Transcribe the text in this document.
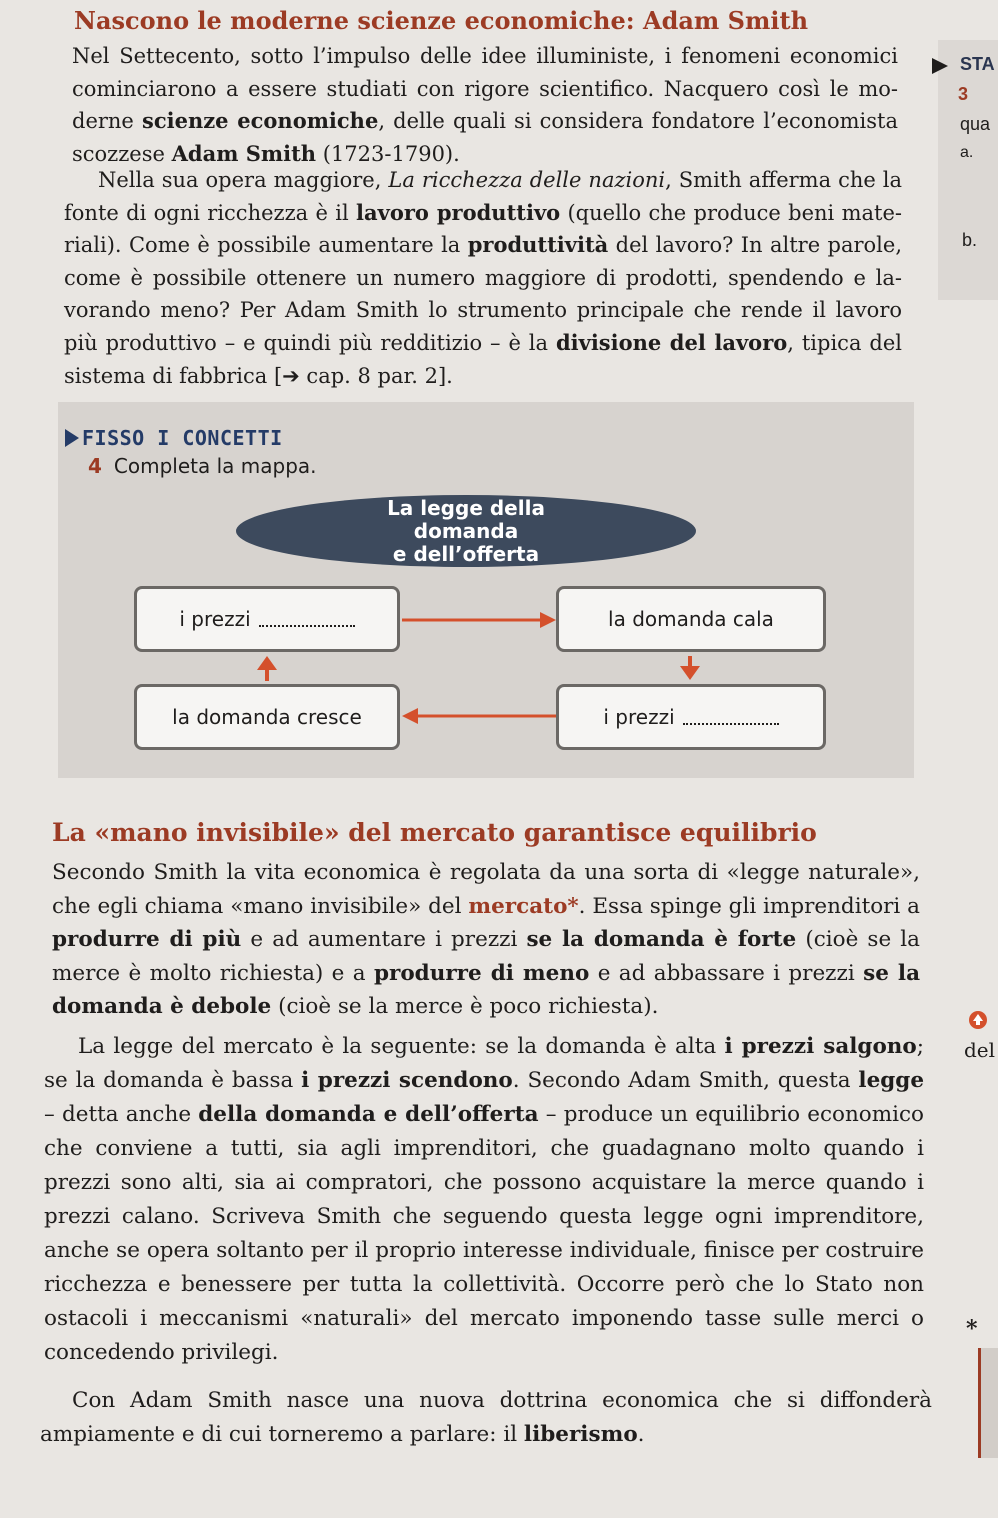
Nascono le moderne scienze economiche: Adam Smith

Nel Settecento, sotto l’impulso delle idee illuministe, i fenomeni economici cominciarono a essere studiati con rigore scientifico. Nacquero così le moderne scienze economiche, delle quali si considera fondatore l’economista scozzese Adam Smith (1723-1790).

Nella sua opera maggiore, La ricchezza delle nazioni, Smith afferma che la fonte di ogni ricchezza è il lavoro produttivo (quello che produce beni materiali). Come è possibile aumentare la produttività del lavoro? In altre parole, come è possibile ottenere un numero maggiore di prodotti, spendendo e lavorando meno? Per Adam Smith lo strumento principale che rende il lavoro più produttivo – e quindi più redditizio – è la divisione del lavoro, tipica del sistema di fabbrica [➔ cap. 8 par. 2].

STA
3
qua
a.
b.
FISSO I CONCETTI
4 Completa la mappa.
La legge della
domanda
e dell’offerta
i prezzi	la domanda cala
la domanda cresce	i prezzi
La «mano invisibile» del mercato garantisce equilibrio

Secondo Smith la vita economica è regolata da una sorta di «legge naturale», che egli chiama «mano invisibile» del mercato*. Essa spinge gli imprenditori a produrre di più e ad aumentare i prezzi se la domanda è forte (cioè se la merce è molto richiesta) e a produrre di meno e ad abbassare i prezzi se la domanda è debole (cioè se la merce è poco richiesta).

del

La legge del mercato è la seguente: se la domanda è alta i prezzi salgono; se la domanda è bassa i prezzi scendono. Secondo Adam Smith, questa legge – detta anche della domanda e dell’offerta – produce un equilibrio economico che conviene a tutti, sia agli imprenditori, che guadagnano molto quando i prezzi sono alti, sia ai compratori, che possono acquistare la merce quando i prezzi calano. Scriveva Smith che seguendo questa legge ogni imprenditore, anche se opera soltanto per il proprio interesse individuale, finisce per costruire ricchezza e benessere per tutta la collettività. Occorre però che lo Stato non ostacoli i meccanismi «naturali» del mercato imponendo tasse sulle merci o concedendo privilegi.

Con Adam Smith nasce una nuova dottrina economica che si diffonderà ampiamente e di cui torneremo a parlare: il liberismo.

*
